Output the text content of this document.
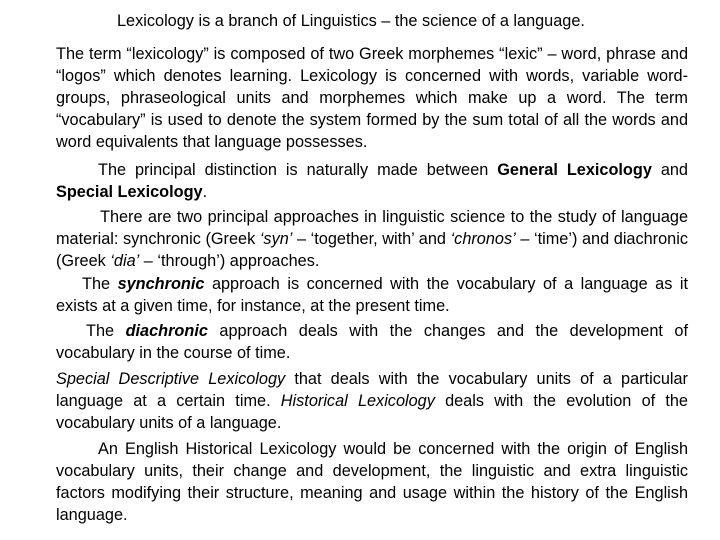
Lexicology is a branch of Linguistics – the science of a language.

The term “lexicology” is composed of two Greek morphemes “lexic” – word, phrase and “logos” which denotes learning. Lexicology is concerned with words, variable word-groups, phraseological units and morphemes which make up a word. The term “vocabulary” is used to denote the system formed by the sum total of all the words and word equivalents that language possesses.

The principal distinction is naturally made between General Lexicology and Special Lexicology.

There are two principal approaches in linguistic science to the study of language material: synchronic (Greek ‘syn’ – ‘together, with’ and ‘chronos’ – ‘time’) and diachronic (Greek ‘dia’ – ‘through’) approaches.

The synchronic approach is concerned with the vocabulary of a language as it exists at a given time, for instance, at the present time.

The diachronic approach deals with the changes and the development of vocabulary in the course of time.

Special Descriptive Lexicology that deals with the vocabulary units of a particular language at a certain time. Historical Lexicology deals with the evolution of the vocabulary units of a language.

An English Historical Lexicology would be concerned with the origin of English vocabulary units, their change and development, the linguistic and extra linguistic factors modifying their structure, meaning and usage within the history of the English language.
